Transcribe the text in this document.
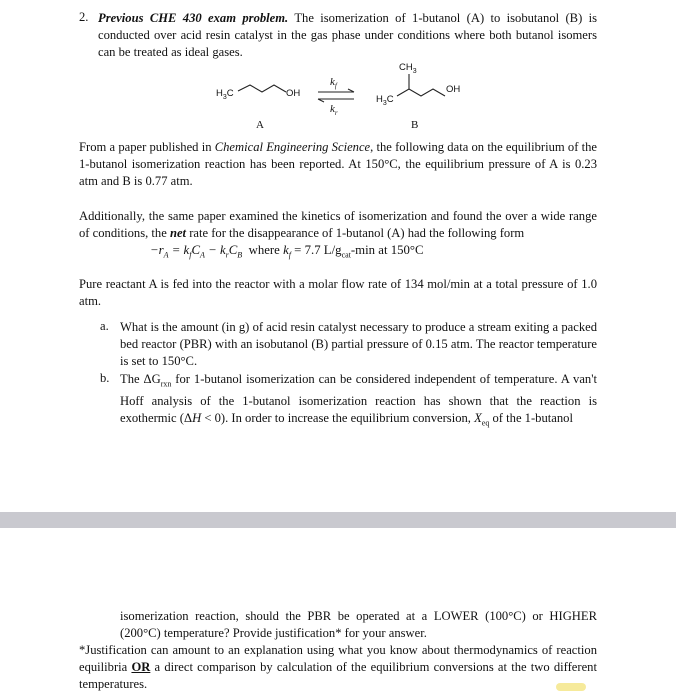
2. Previous CHE 430 exam problem. The isomerization of 1-butanol (A) to isobutanol (B) is conducted over acid resin catalyst in the gas phase under conditions where both butanol isomers can be treated as ideal gases.

$H_3C$	OH
$k_f$
$k_r$
$H_3C$
$CH_3$
OH
A	B

From a paper published in Chemical Engineering Science, the following data on the equilibrium of the 1-butanol isomerization reaction has been reported. At 150°C, the equilibrium pressure of A is 0.23 atm and B is 0.77 atm.

Additionally, the same paper examined the kinetics of isomerization and found the over a wide range of conditions, the net rate for the disappearance of 1-butanol (A) had the following form

$-r_A = k_fC_A - k_rC_B$  where $k_f = 7.7$ $L/g_{cat}-\min$ at 150°C

Pure reactant A is fed into the reactor with a molar flow rate of 134 mol/min at a total pressure of 1.0 atm.

a. What is the amount (in g) of acid resin catalyst necessary to produce a stream exiting a packed bed reactor (PBR) with an isobutanol (B) partial pressure of 0.15 atm. The reactor temperature is set to 150°C.

b. The $\Delta G_{rxn}$ for 1-butanol isomerization can be considered independent of temperature. A van't Hoff analysis of the 1-butanol isomerization reaction has shown that the reaction is exothermic (ΔH < 0). In order to increase the equilibrium conversion, $X_{eq}$ of the 1-butanol

isomerization reaction, should the PBR be operated at a LOWER (100°C) or HIGHER (200°C) temperature? Provide justification* for your answer.

*Justification can amount to an explanation using what you know about thermodynamics of reaction equilibria OR a direct comparison by calculation of the equilibrium conversions at the two different temperatures.
